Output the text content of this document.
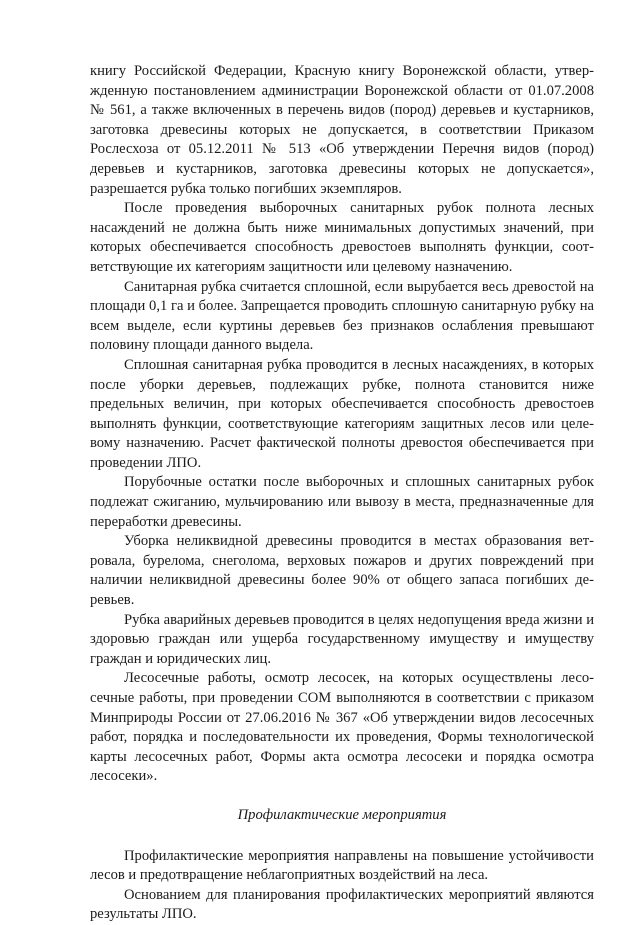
книгу Российской Федерации, Красную книгу Воронежской области, утвержденную постановлением администрации Воронежской области от 01.07.2008 № 561, а также включенных в перечень видов (пород) деревьев и кустарников, заготовка древесины которых не допускается, в соответствии Приказом Рослесхоза от 05.12.2011 № 513 «Об утверждении Перечня видов (пород) деревьев и кустарников, заготовка древесины которых не допускается», разрешается рубка только погибших экземпляров.

После проведения выборочных санитарных рубок полнота лесных насаждений не должна быть ниже минимальных допустимых значений, при которых обеспечивается способность древостоев выполнять функции, соответствующие их категориям защитности или целевому назначению.

Санитарная рубка считается сплошной, если вырубается весь древостой на площади 0,1 га и более. Запрещается проводить сплошную санитарную рубку на всем выделе, если куртины деревьев без признаков ослабления превышают половину площади данного выдела.

Сплошная санитарная рубка проводится в лесных насаждениях, в которых после уборки деревьев, подлежащих рубке, полнота становится ниже предельных величин, при которых обеспечивается способность древостоев выполнять функции, соответствующие категориям защитных лесов или целевому назначению. Расчет фактической полноты древостоя обеспечивается при проведении ЛПО.

Порубочные остатки после выборочных и сплошных санитарных рубок подлежат сжиганию, мульчированию или вывозу в места, предназначенные для переработки древесины.

Уборка неликвидной древесины проводится в местах образования ветровала, бурелома, снеголома, верховых пожаров и других повреждений при наличии неликвидной древесины более 90% от общего запаса погибших деревьев.

Рубка аварийных деревьев проводится в целях недопущения вреда жизни и здоровью граждан или ущерба государственному имуществу и имуществу граждан и юридических лиц.

Лесосечные работы, осмотр лесосек, на которых осуществлены лесосечные работы, при проведении СОМ выполняются в соответствии с приказом Минприроды России от 27.06.2016 № 367 «Об утверждении видов лесосечных работ, порядка и последовательности их проведения, Формы технологической карты лесосечных работ, Формы акта осмотра лесосеки и порядка осмотра лесосеки».

Профилактические мероприятия

Профилактические мероприятия направлены на повышение устойчивости лесов и предотвращение неблагоприятных воздействий на леса.

Основанием для планирования профилактических мероприятий являются результаты ЛПО.
